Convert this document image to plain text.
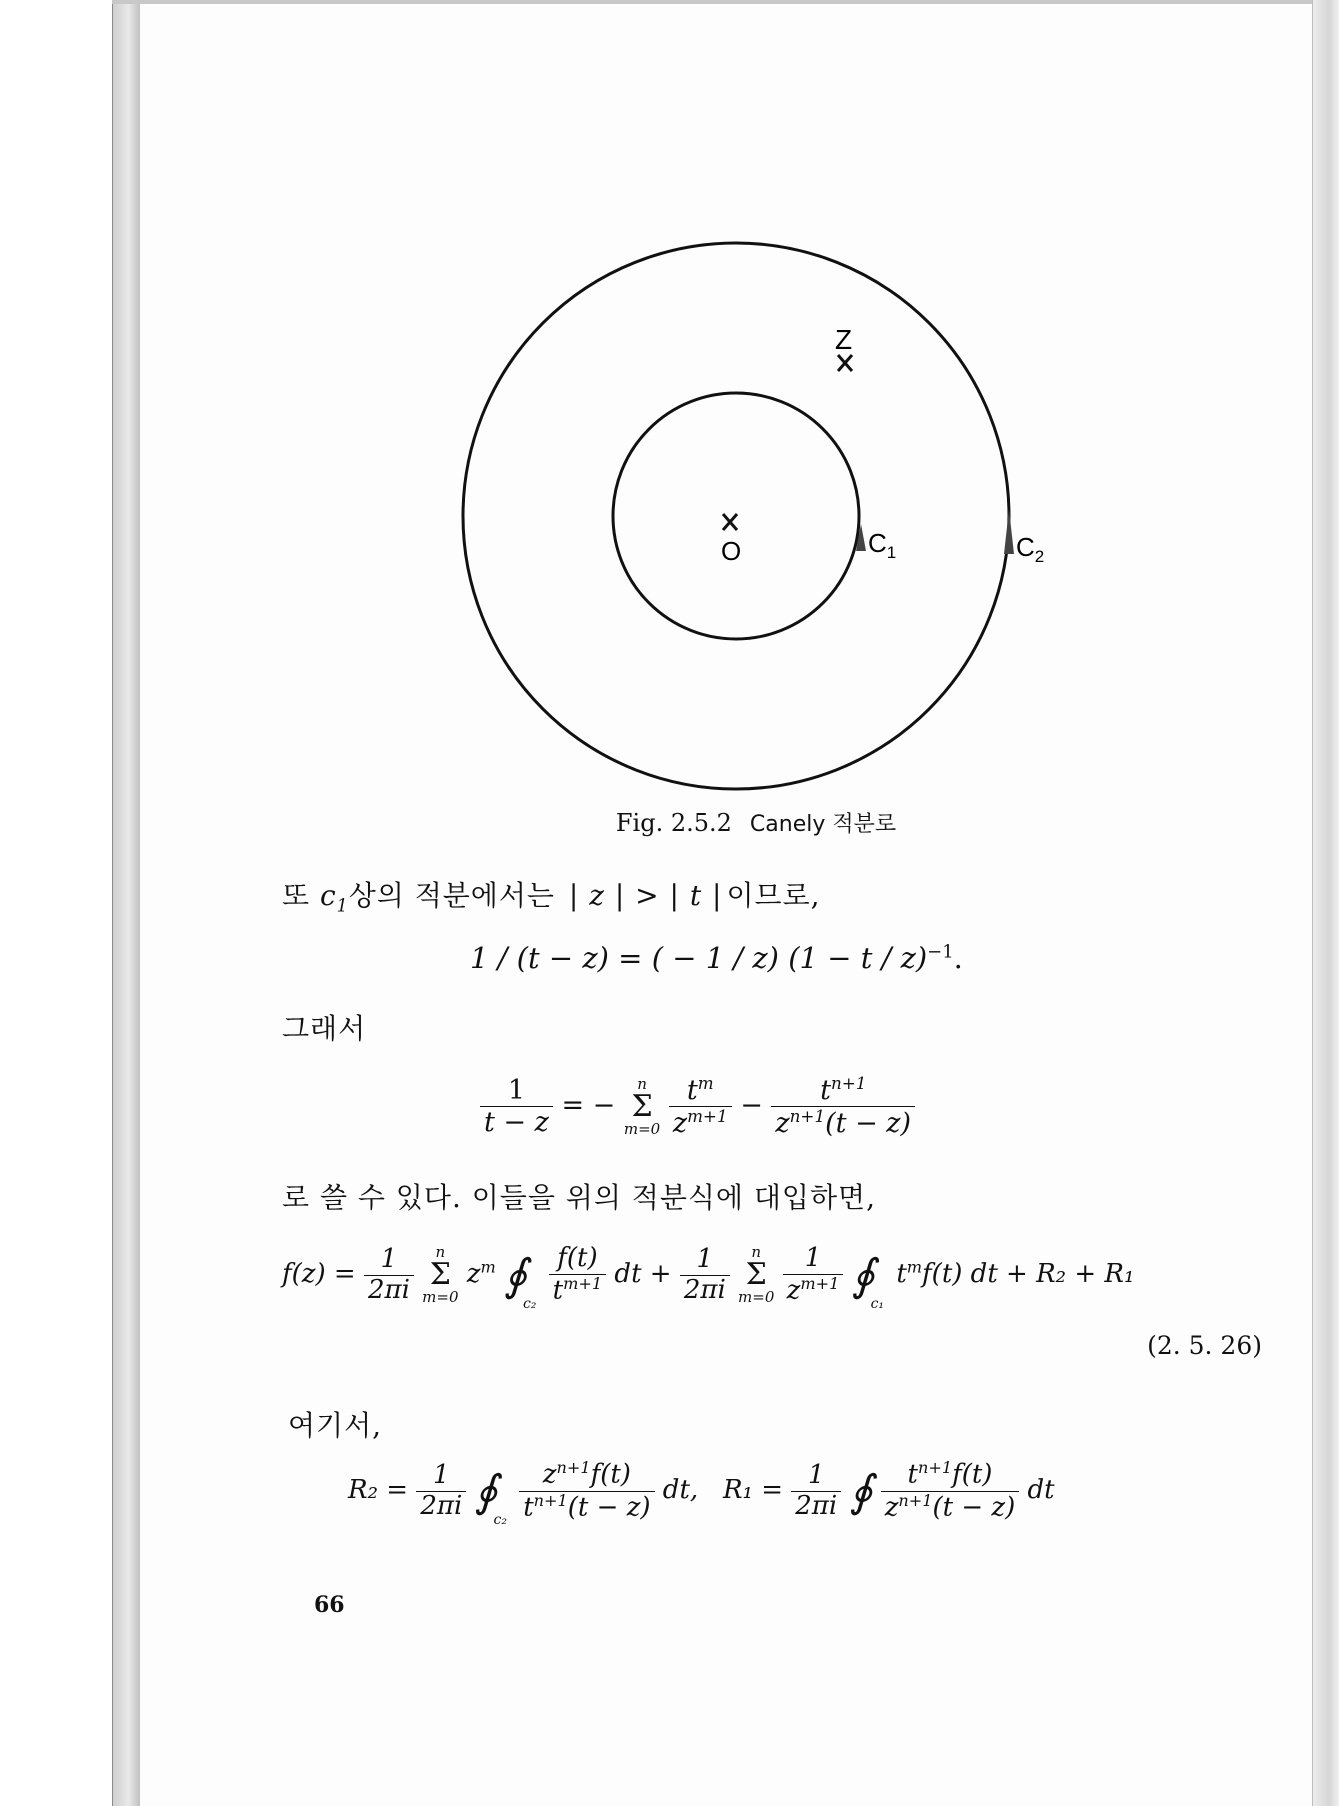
Z
O	$C_1$	$C_2$
Fig. 2.5.2 Canely 적분로
또 $c_1$상의 적분에서는 | z | > | t | 이므로,
1 / (t − z) = ( − 1 / z) $(1 - t / z)^{-1}$.
그래서
$\frac{1}{t - z}$ = −
n
Σ
m=0
$\frac{t^m}{z^{m+1}} - \frac{t^{n+1}}{z^{n+1}(t - z)}$
로 쓸 수 있다. 이들을 위의 적분식에 대입하면,
$f(z) = \frac{1}{2\pi i}$
	n
Σ
m=0
$z^m$ $∮_{c_2} \frac{f(t)}{t^{m+1}}$ dt + $\frac{1}{2\pi i}$
	n
Σ
m=0
$\frac{1}{z^{m+1}}$ $∮_{c_1}$ $t^mf(t)$ dt + R₂ + R₁
(2. 5. 26)
여기서,
$R_2 = \frac{1}{2\pi i}$ $∮_{c_2} \frac{z^{n+1}f(t)}{t^{n+1}(t - z)}$ dt,   $R_1 = \frac{1}{2\pi i}$ ∮ $\frac{t^{n+1}f(t)}{z^{n+1}(t - z)}$ dt
66
